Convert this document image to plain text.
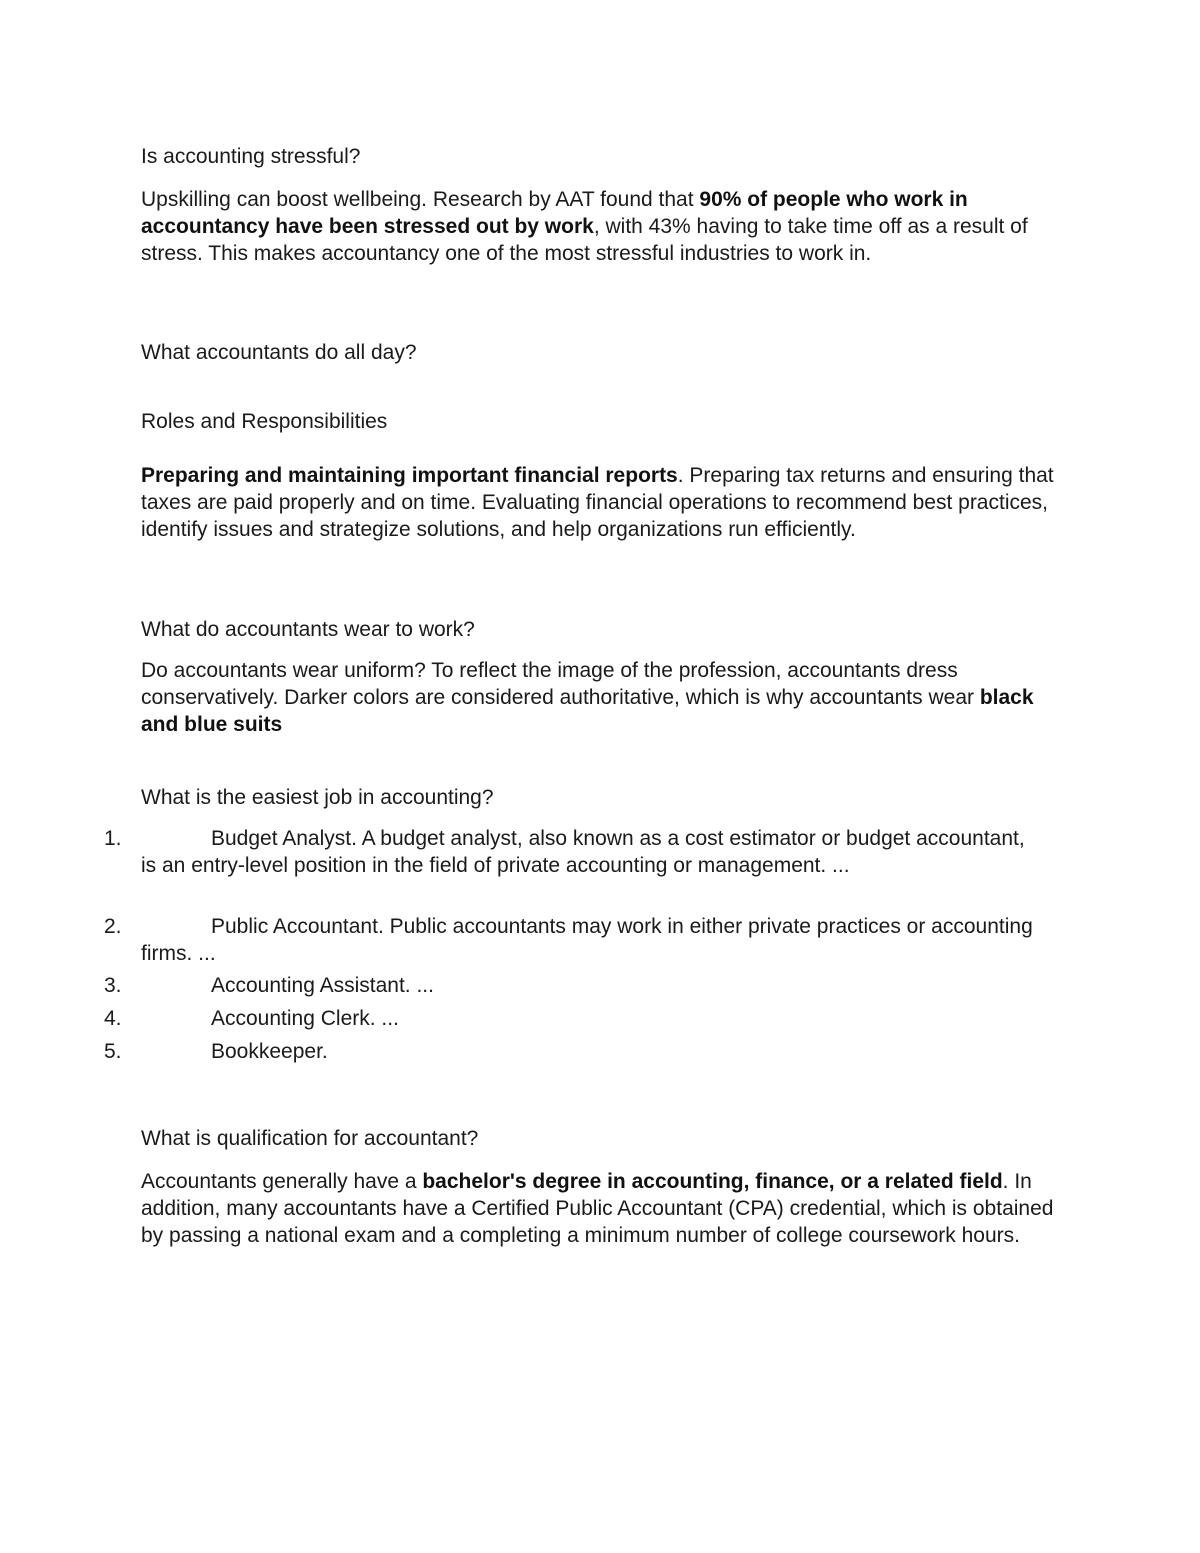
Is accounting stressful?

Upskilling can boost wellbeing. Research by AAT found that 90% of people who work in accountancy have been stressed out by work, with 43% having to take time off as a result of stress. This makes accountancy one of the most stressful industries to work in.

What accountants do all day?

Roles and Responsibilities

Preparing and maintaining important financial reports. Preparing tax returns and ensuring that taxes are paid properly and on time. Evaluating financial operations to recommend best practices, identify issues and strategize solutions, and help organizations run efficiently.

What do accountants wear to work?

Do accountants wear uniform? To reflect the image of the profession, accountants dress conservatively. Darker colors are considered authoritative, which is why accountants wear black and blue suits

What is the easiest job in accounting?

1.	Budget Analyst. A budget analyst, also known as a cost estimator or budget accountant, is an entry-level position in the field of private accounting or management. ...

2.	Public Accountant. Public accountants may work in either private practices or accounting firms. ...

3.	Accounting Assistant. ...

4.	Accounting Clerk. ...

5.	Bookkeeper.

What is qualification for accountant?

Accountants generally have a bachelor's degree in accounting, finance, or a related field. In addition, many accountants have a Certified Public Accountant (CPA) credential, which is obtained by passing a national exam and a completing a minimum number of college coursework hours.
